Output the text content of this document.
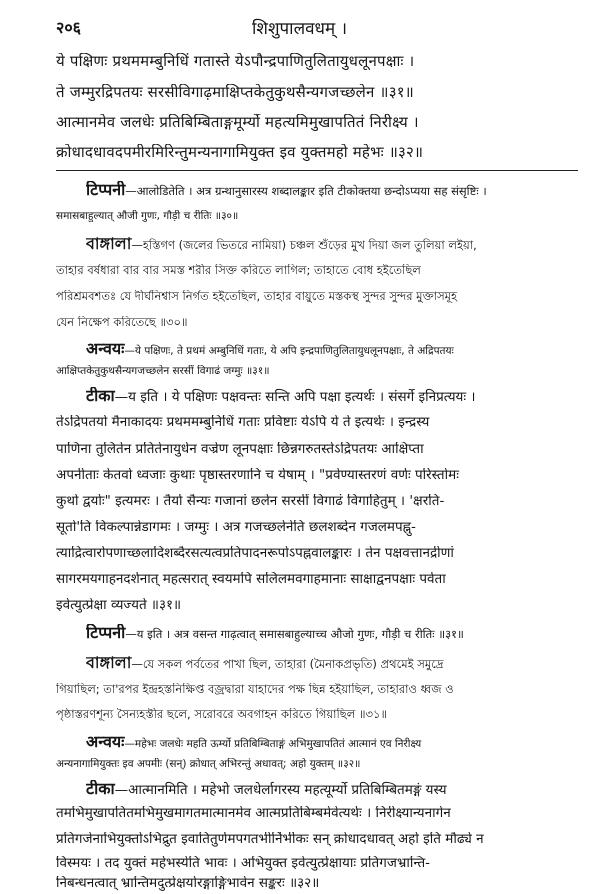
२०६	शिशुपालवधम् ।
ये पक्षिणः प्रथममम्बुनिधिं गतास्ते येऽपौन्द्रपाणितुलितायुधलूनपक्षाः ।
ते जम्मुरद्रिपतयः सरसीविगाढ़माक्षिप्तकेतुकुथसैन्यगजच्छलेन ॥३१॥
आत्मानमेव जलधेः प्रतिबिम्बिताङ्गमूर्म्यो महत्यमिमुखापतितं निरीक्ष्य ।
क्रोधादधावदपमीरमिरिन्तुमन्यनागामियुक्त इव युक्तमहो महेभः ॥३२॥
टिप्पनी—आलोडितेति । अत्र ग्रन्थानुसारस्य शब्दालङ्कार इति टीकोक्तया छन्दोऽप्यया सह संसृष्टिः ।
समासबाहुल्यात् औजी गुणः, गौड़ी च रीतिः ॥३०॥
বাঙ্গালা—হস্তিগণ (জলের ভিতরে নামিয়া) চঞ্চল শুঁড়ের মুখ দিয়া জল তুলিয়া লইয়া,
তাহার বর্ষধারা বার বার সমস্ত শরীর সিক্ত করিতে লাগিল; তাহাতে বোধ হইতেছিল
পরিশ্রমবশতঃ যে দীর্ঘনিশ্বাস নির্গত হইতেছিল, তাহার বায়ুতে মস্তকস্থ সুন্দর সুন্দর মুক্তাসমূহ
যেন নিক্ষেপ করিতেছে ॥৩০॥
अन्वयः—ये पक्षिणः, ते प्रथमं अम्बुनिधिं गताः, ये अपि इन्द्रपाणितुलितायुधलूनपक्षाः, ते अद्रिपतयः
आक्षिप्तकेतुकुथसैन्यगजच्छलेन सरसीं विगाढं जग्मुः ॥३१॥
टीका—य इति । ये पक्षिणः पक्षवन्तः सन्ति अपि पक्षा इत्यर्थः । संसर्गे इनिप्रत्ययः ।
तेऽद्रिपतयो मैनाकादयः प्रथममम्बुनिधिं गताः प्रविष्टाः येऽपि ये ते इत्यर्थः । इन्द्रस्य
पाणिना तुलितेन प्रतितेनायुधेन वज्रेण लूनपक्षाः छिन्नगरुतस्तेऽद्रिपतयः आक्षिप्ता
अपनीताः केतवो ध्वजाः कुथाः पृष्ठास्तरणानि च येषाम् । "प्रवेण्यास्तरणं वर्णः परिस्तोमः
कुथो द्वयोः" इत्यमरः । तैर्या सैन्यः गजानां छलेन सरसीं विगाढं विगाहितुम् । 'क्षरति-
सूतो'ति विकल्पान्नेडागमः । जग्मुः । अत्र गजच्छलेनेति छलशब्देन गजलमपह्नु-
त्याद्रित्वारोपणाच्छलादिशब्दैरसत्यत्वप्रतिपादनरूपोऽपह्नवालङ्कारः । तेन पक्षवत्तानद्रीणां
सागरमयगाहनदर्शनात् महत्सरात् स्वयमपि सलिलमवगाहमानाः साक्षाद्वनपक्षाः पर्वता
इवेत्युत्प्रेक्षा व्यज्यते ॥३१॥
टिप्पनी—य इति । अत्र वसन्त गाढ़त्वात् समासबाहुल्याच्च औजो गुणः, गौड़ी च रीतिः ॥३१॥
বাঙ্গালা—যে সকল পর্বতের পাখা ছিল, তাহারা (মৈনাকপ্রভৃতি) প্রথমেই সমুদ্রে
গিয়াছিল; তা'রপর ইন্দ্রহস্তনিক্ষিপ্ত বজ্রদ্বারা যাহাদের পক্ষ ছিন্ন হইয়াছিল, তাহারাও ধ্বজ ও
পৃষ্ঠাস্তরণশূন্য সৈন্যহস্তীর ছলে, সরোবরে অবগাহন করিতে গিয়াছিল ॥৩১॥
अन्वयः—महेभः जलधेः महति ऊर्म्यो प्रतिबिम्बिताङ्गं अभिमुखापतितं आत्मानं एव निरीक्ष्य
अन्यनागामियुक्तः इव अपमीः (सन्) क्रोधात् अभिरन्तुं अधावत्; अहो युक्तम् ॥३२॥
टीका—आत्मानमिति । महेभो जलधेर्लागरस्य महत्यूर्म्यो प्रतिबिम्बितमङ्गं यस्य
तमभिमुखापतितमभिमुखमागतमात्मानमेव आत्मप्रतिबिम्बमेवेत्यर्थः । निरीक्ष्यान्यनागेन
प्रतिगजेनाभियुक्तोऽभिद्रुत इवातितुर्णमपगतभीर्निर्भीकः सन् क्रोधादधावत् अहो इति मौढ्ये न
विस्मयः । तद युक्तं महेभस्येति भावः । अभियुक्त इवेत्युत्प्रेक्षायाः प्रतिगजभ्रान्ति-
निबन्धनत्वात् भ्रान्तिमदुत्प्रेक्षयोरङ्गाङ्गिभावेन सङ्करः ॥३२॥
